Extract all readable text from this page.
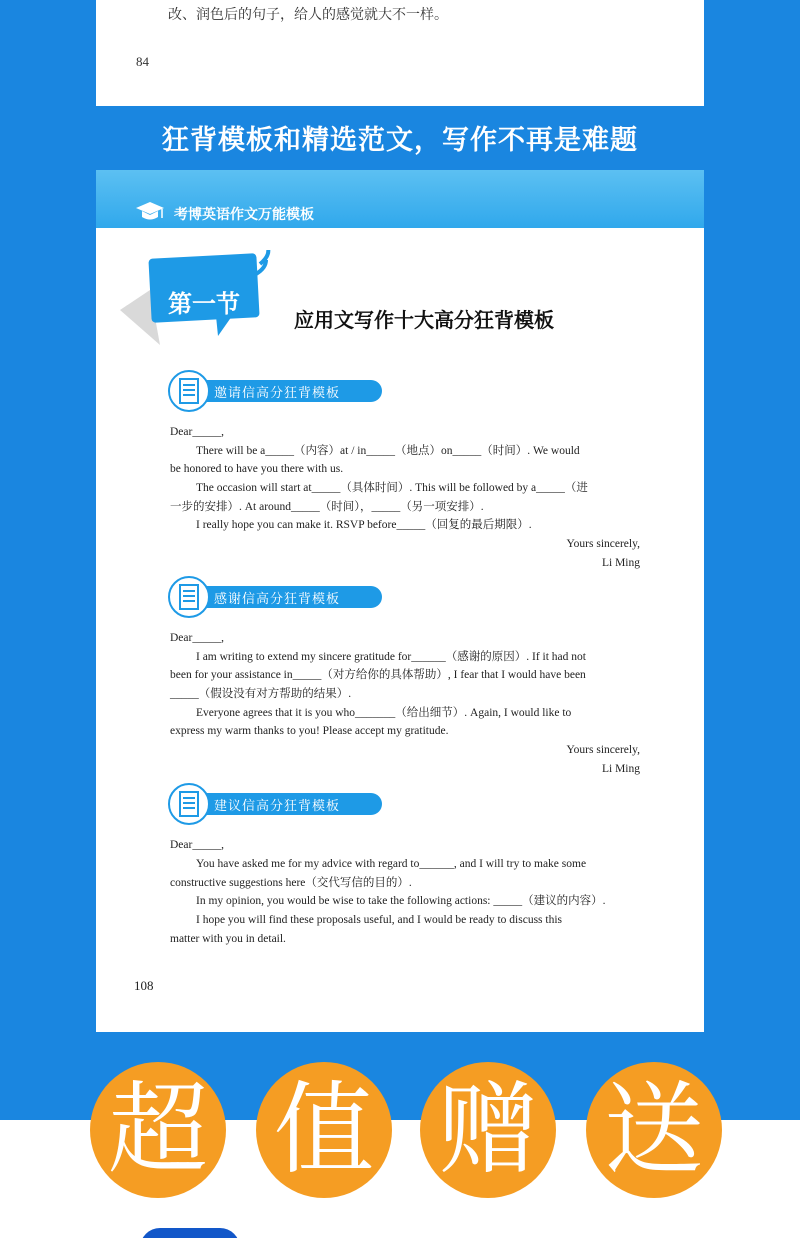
改、润色后的句子，给人的感觉就大不一样。
84
狂背模板和精选范文，写作不再是难题
考博英语作文万能模板
第一节
应用文写作十大高分狂背模板
邀请信高分狂背模板
Dear_____,
There will be a_____（内容）at / in_____（地点）on_____（时间）. We would
be honored to have you there with us.
The occasion will start at_____（具体时间）. This will be followed by a_____（进
一步的安排）. At around_____（时间），_____（另一项安排）.
I really hope you can make it. RSVP before_____（回复的最后期限）.
Yours sincerely,
Li Ming
感谢信高分狂背模板
Dear_____,
I am writing to extend my sincere gratitude for______（感谢的原因）. If it had not
been for your assistance in_____（对方给你的具体帮助）, I fear that I would have been
_____（假设没有对方帮助的结果）.
Everyone agrees that it is you who_______（给出细节）. Again, I would like to
express my warm thanks to you! Please accept my gratitude.
Yours sincerely,
Li Ming
建议信高分狂背模板
Dear_____,
You have asked me for my advice with regard to______, and I will try to make some
constructive suggestions here（交代写信的目的）.
In my opinion, you would be wise to take the following actions: _____（建议的内容）.
I hope you will find these proposals useful, and I would be ready to discuss this
matter with you in detail.
108
超 值 赠 送
